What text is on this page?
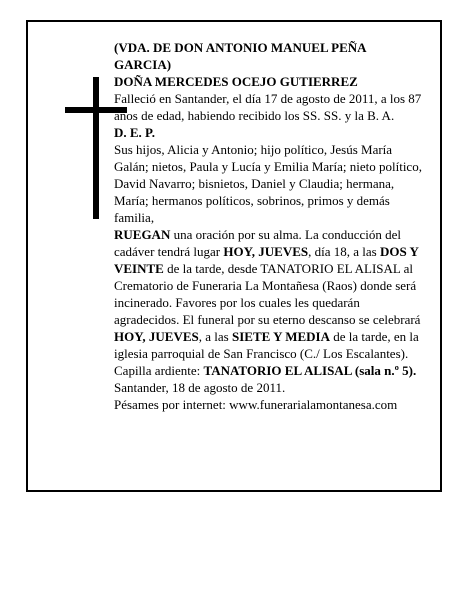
(VDA. DE DON ANTONIO MANUEL PEÑA GARCIA)

DOÑA MERCEDES OCEJO GUTIERREZ

Falleció en Santander, el día 17 de agosto de 2011, a los 87 años de edad, habiendo recibido los SS. SS. y la B. A.

D. E. P.

Sus hijos, Alicia y Antonio; hijo político, Jesús María Galán; nietos, Paula y Lucía y Emilia María; nieto político, David Navarro; bisnietos, Daniel y Claudia; hermana, María; hermanos políticos, sobrinos, primos y demás familia,

RUEGAN una oración por su alma. La conducción del cadáver tendrá lugar HOY, JUEVES, día 18, a las DOS Y VEINTE de la tarde, desde TANATORIO EL ALISAL al Crematorio de Funeraria La Montañesa (Raos) donde será incinerado. Favores por los cuales les quedarán agradecidos. El funeral por su eterno descanso se celebrará HOY, JUEVES, a las SIETE Y MEDIA de la tarde, en la iglesia parroquial de San Francisco (C./ Los Escalantes). Capilla ardiente: TANATORIO EL ALISAL (sala n.º 5).

Santander, 18 de agosto de 2011.

Pésames por internet: www.funerarialamontanesa.com
